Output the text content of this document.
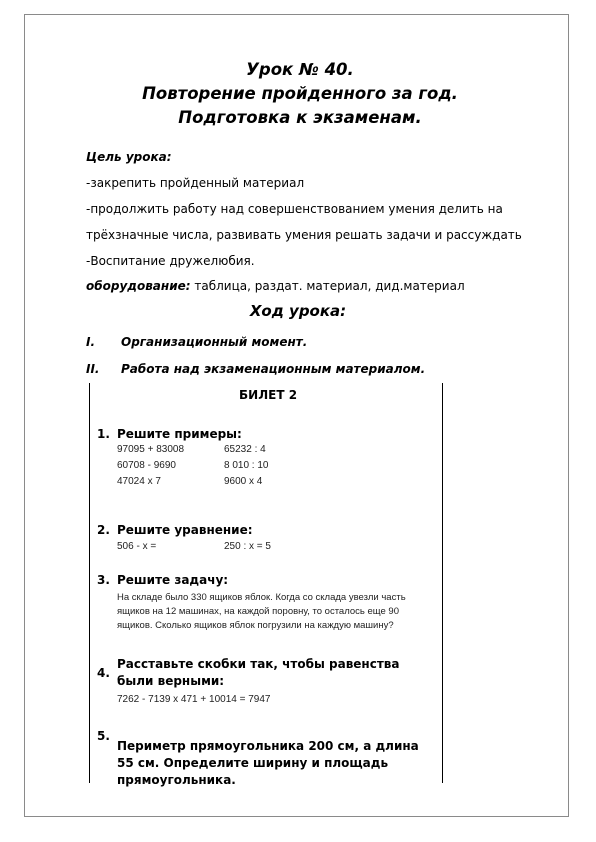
Урок № 40.
Повторение пройденного за год.
Подготовка к экзаменам.
Цель урока:
-закрепить пройденный материал
-продолжить работу над совершенствованием умения делить на
трёхзначные числа, развивать умения решать задачи и рассуждать
-Воспитание дружелюбия.
оборудование: таблица, раздат. материал, дид.материал
Ход урока:
I. Организационный момент.
II. Работа над экзаменационным материалом.
БИЛЕТ 2
1. Решите примеры:
97095 + 83008
60708 - 9690
47024 x 7
65232 : 4
8 010 : 10
9600 x 4
2. Решите уравнение:
506 - x =	250 : x = 5
3. Решите задачу:
На складе было 330 ящиков яблок. Когда со склада увезли часть ящиков на 12 машинах, на каждой поровну, то осталось еще 90 ящиков. Сколько ящиков яблок погрузили на каждую машину?
4.
Расставьте скобки так, чтобы равенства были верными:
7262 - 7139 x 471 + 10014 = 7947
5.
Периметр прямоугольника 200 см, а длина 55 см. Определите ширину и площадь прямоугольника.
